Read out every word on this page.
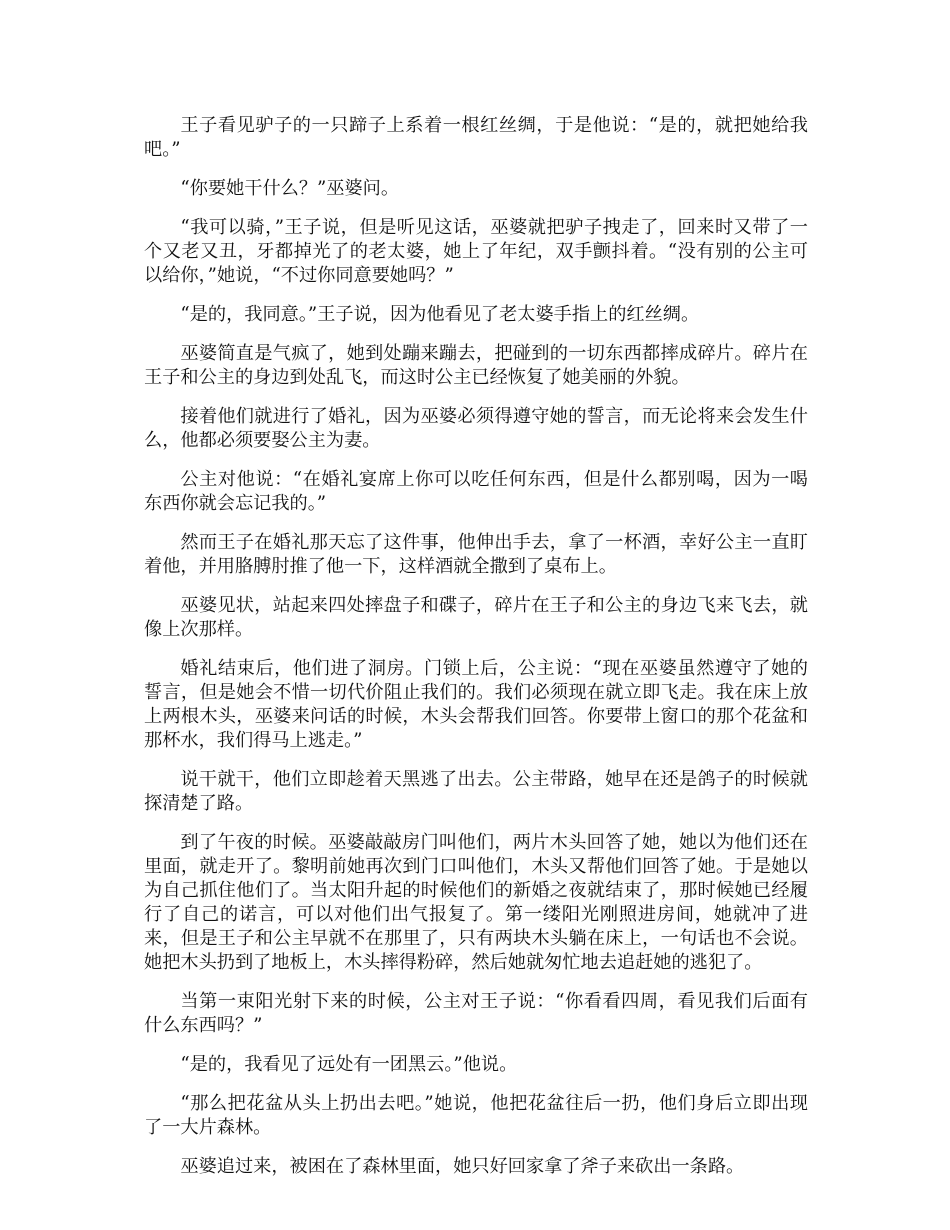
王子看见驴子的一只蹄子上系着一根红丝绸，于是他说：“是的，就把她给我吧。”

“你要她干什么？”巫婆问。

“我可以骑，”王子说，但是听见这话，巫婆就把驴子拽走了，回来时又带了一个又老又丑，牙都掉光了的老太婆，她上了年纪，双手颤抖着。“没有别的公主可以给你，”她说，“不过你同意要她吗？”

“是的，我同意。”王子说，因为他看见了老太婆手指上的红丝绸。

巫婆简直是气疯了，她到处蹦来蹦去，把碰到的一切东西都摔成碎片。碎片在王子和公主的身边到处乱飞，而这时公主已经恢复了她美丽的外貌。

接着他们就进行了婚礼，因为巫婆必须得遵守她的誓言，而无论将来会发生什么，他都必须要娶公主为妻。

公主对他说：“在婚礼宴席上你可以吃任何东西，但是什么都别喝，因为一喝东西你就会忘记我的。”

然而王子在婚礼那天忘了这件事，他伸出手去，拿了一杯酒，幸好公主一直盯着他，并用胳膊肘推了他一下，这样酒就全撒到了桌布上。

巫婆见状，站起来四处摔盘子和碟子，碎片在王子和公主的身边飞来飞去，就像上次那样。

婚礼结束后，他们进了洞房。门锁上后，公主说：“现在巫婆虽然遵守了她的誓言，但是她会不惜一切代价阻止我们的。我们必须现在就立即飞走。我在床上放上两根木头，巫婆来问话的时候，木头会帮我们回答。你要带上窗口的那个花盆和那杯水，我们得马上逃走。”

说干就干，他们立即趁着天黑逃了出去。公主带路，她早在还是鸽子的时候就探清楚了路。

到了午夜的时候。巫婆敲敲房门叫他们，两片木头回答了她，她以为他们还在里面，就走开了。黎明前她再次到门口叫他们，木头又帮他们回答了她。于是她以为自己抓住他们了。当太阳升起的时候他们的新婚之夜就结束了，那时候她已经履行了自己的诺言，可以对他们出气报复了。第一缕阳光刚照进房间，她就冲了进来，但是王子和公主早就不在那里了，只有两块木头躺在床上，一句话也不会说。她把木头扔到了地板上，木头摔得粉碎，然后她就匆忙地去追赶她的逃犯了。

当第一束阳光射下来的时候，公主对王子说：“你看看四周，看见我们后面有什么东西吗？”

“是的，我看见了远处有一团黑云。”他说。

“那么把花盆从头上扔出去吧。”她说，他把花盆往后一扔，他们身后立即出现了一大片森林。

巫婆追过来，被困在了森林里面，她只好回家拿了斧子来砍出一条路。
